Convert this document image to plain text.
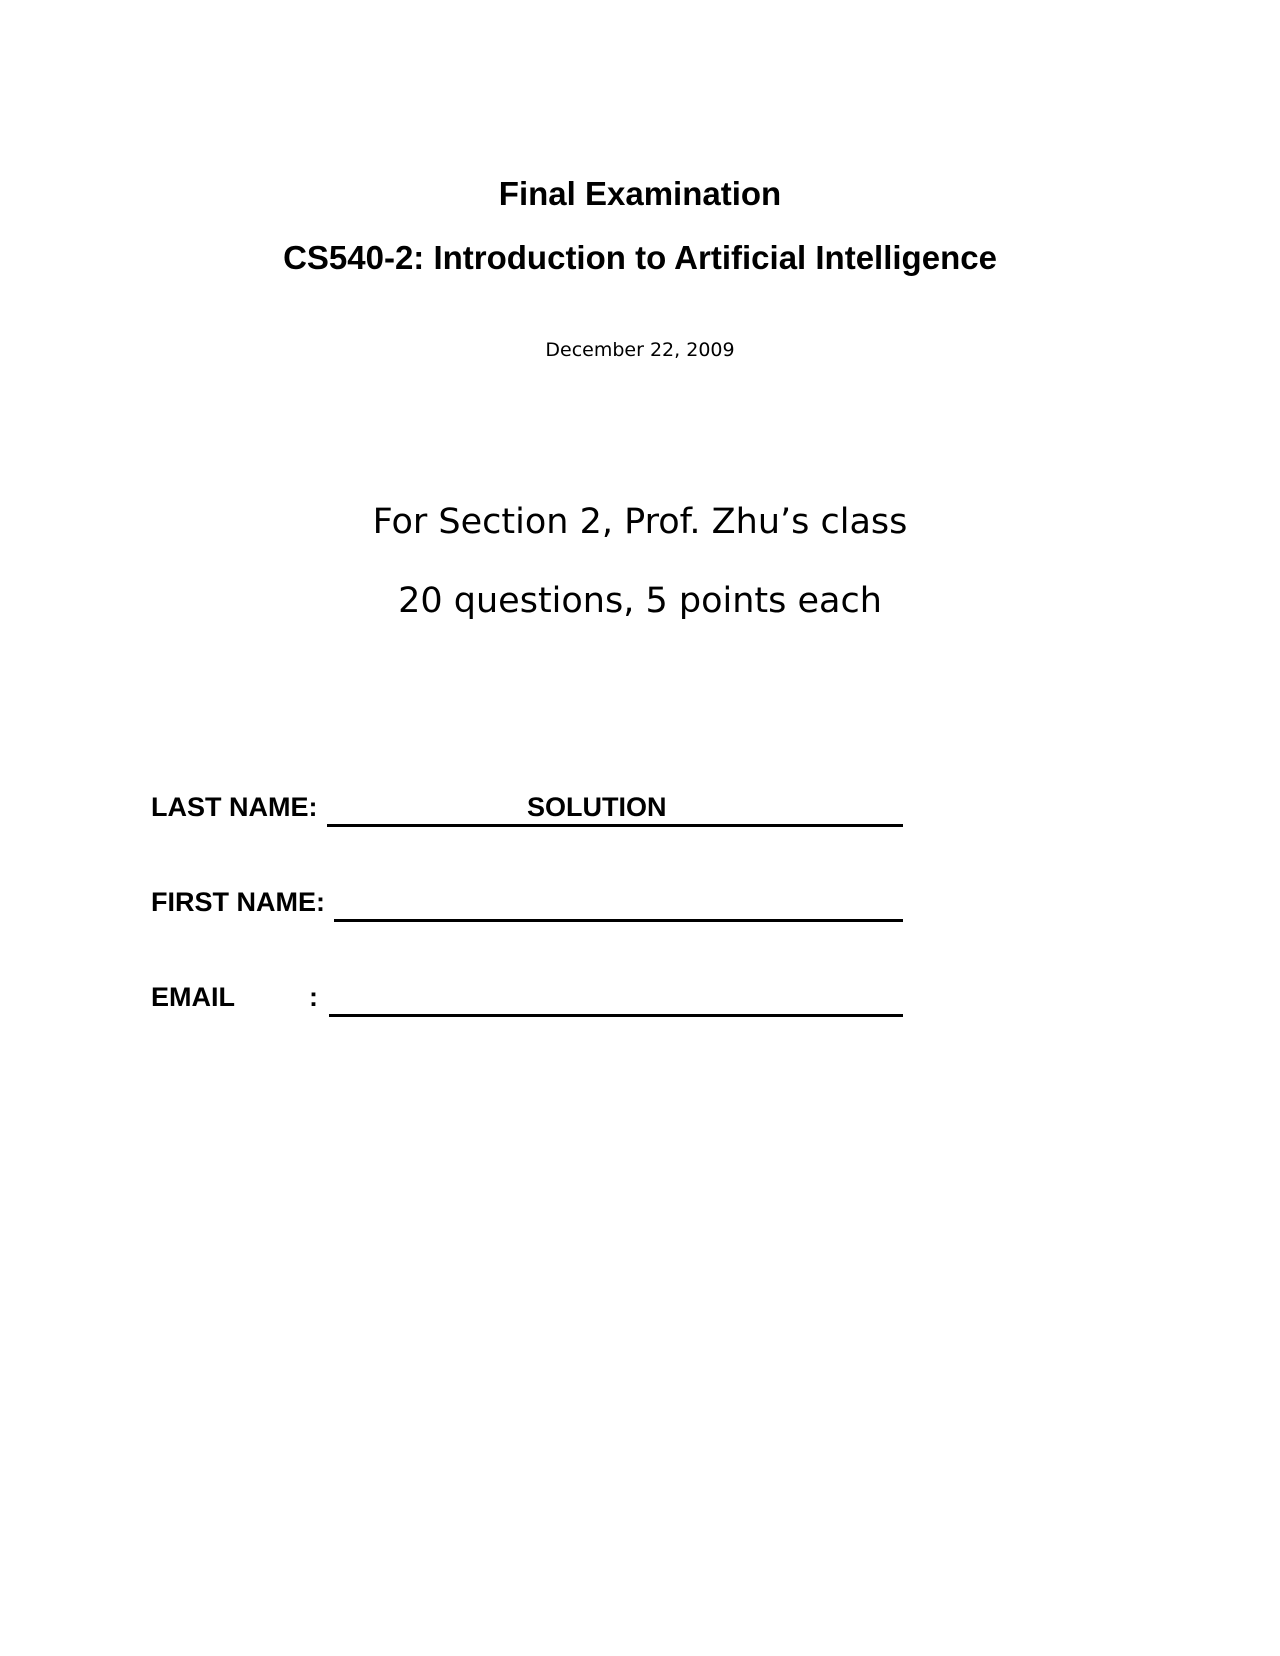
Final Examination
CS540-2: Introduction to Artificial Intelligence
December 22, 2009
For Section 2, Prof. Zhu’s class
20 questions, 5 points each
LAST NAME:	SOLUTION
FIRST NAME:
EMAIL	:
